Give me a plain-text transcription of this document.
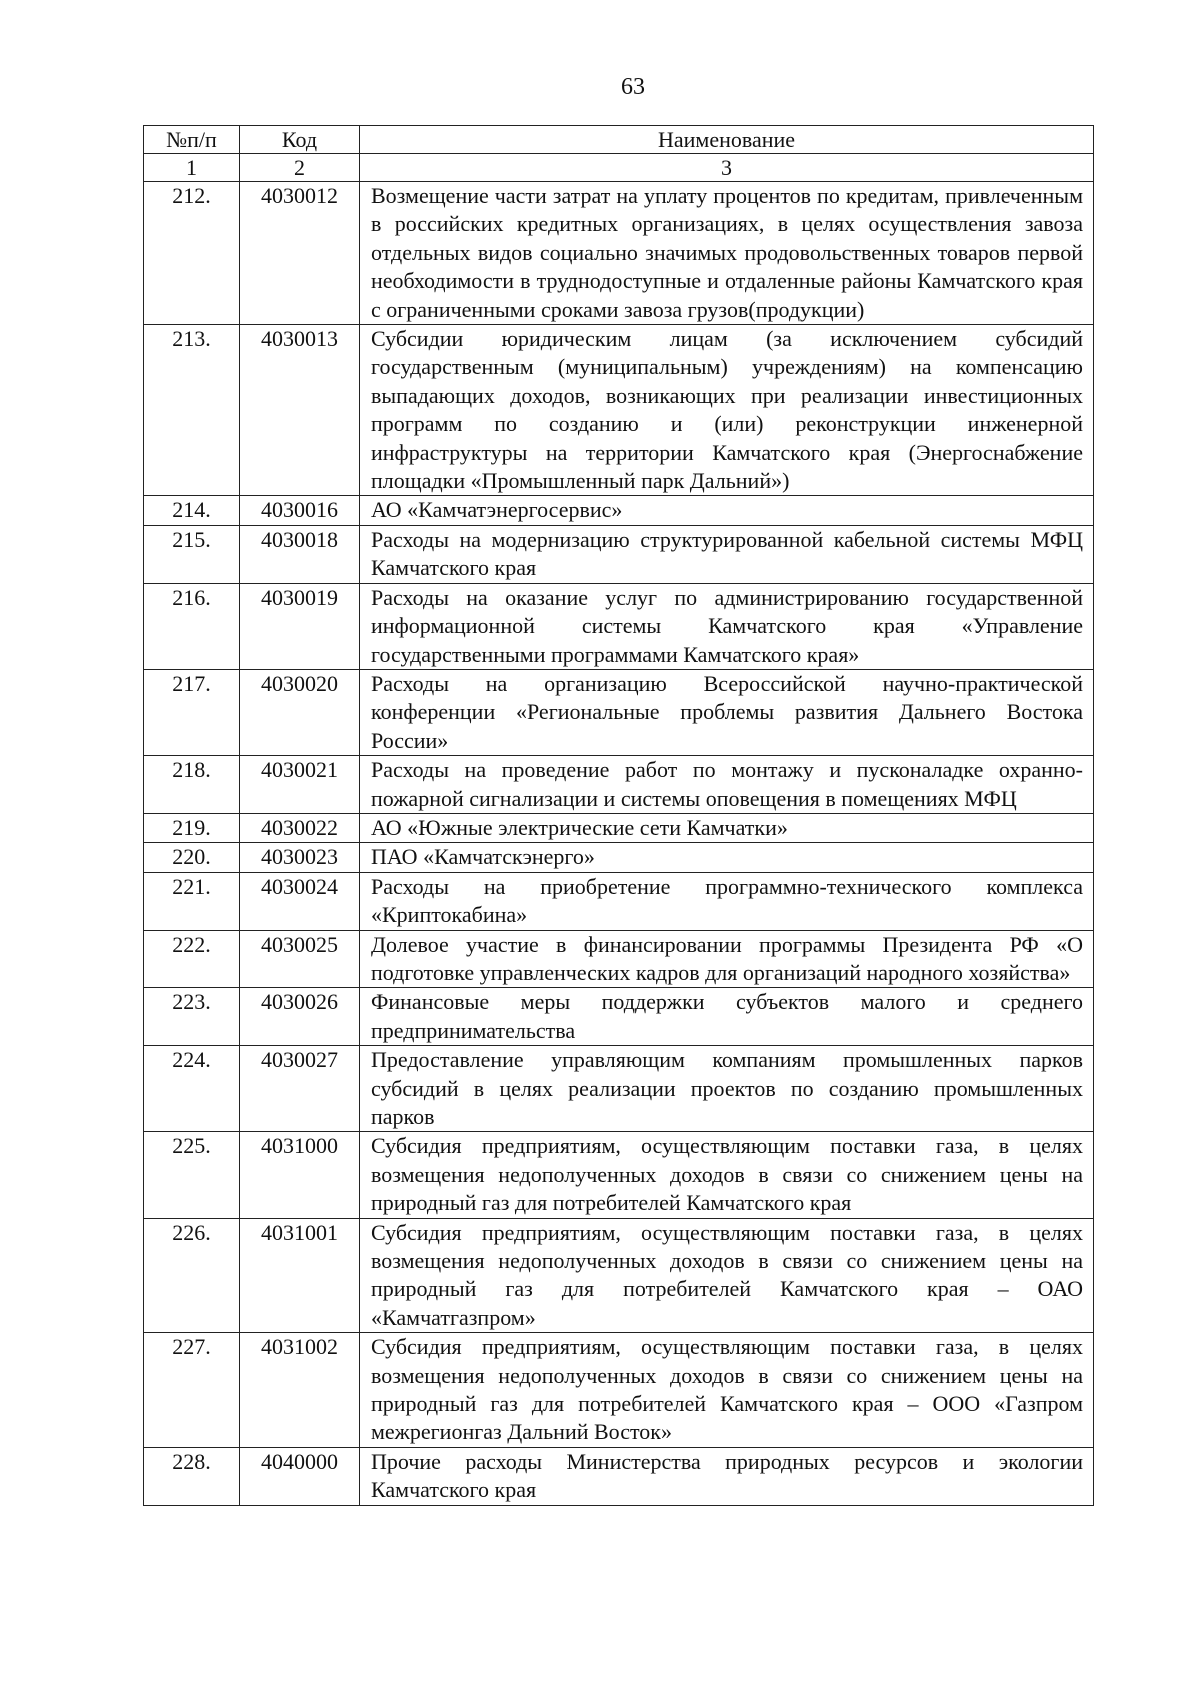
63
№п/п	Код	Наименование
1	2	3
212.	4030012	Возмещение части затрат на уплату процентов по кредитам, привлеченным в российских кредитных организациях, в целях осуществления завоза отдельных видов социально значимых продовольственных товаров первой необходимости в труднодоступные и отдаленные районы Камчатского края с ограниченными сроками завоза грузов(продукции)
213.	4030013	Субсидии юридическим лицам (за исключением субсидий государственным (муниципальным) учреждениям) на компенсацию выпадающих доходов, возникающих при реализации инвестиционных программ по созданию и (или) реконструкции инженерной инфраструктуры на территории Камчатского края (Энергоснабжение площадки «Промышленный парк Дальний»)
214.	4030016	АО «Камчатэнергосервис»
215.	4030018	Расходы на модернизацию структурированной кабельной системы МФЦ Камчатского края
216.	4030019	Расходы на оказание услуг по администрированию государственной информационной системы Камчатского края «Управление государственными программами Камчатского края»
217.	4030020	Расходы на организацию Всероссийской научно-практической конференции «Региональные проблемы развития Дальнего Востока России»
218.	4030021	Расходы на проведение работ по монтажу и пусконаладке охранно-пожарной сигнализации и системы оповещения в помещениях МФЦ
219.	4030022	АО «Южные электрические сети Камчатки»
220.	4030023	ПАО «Камчатскэнерго»
221.	4030024	Расходы на приобретение программно-технического комплекса «Криптокабина»
222.	4030025	Долевое участие в финансировании программы Президента РФ «О подготовке управленческих кадров для организаций народного хозяйства»
223.	4030026	Финансовые меры поддержки субъектов малого и среднего предпринимательства
224.	4030027	Предоставление управляющим компаниям промышленных парков субсидий в целях реализации проектов по созданию промышленных парков
225.	4031000	Субсидия предприятиям, осуществляющим поставки газа, в целях возмещения недополученных доходов в связи со снижением цены на природный газ для потребителей Камчатского края
226.	4031001	Субсидия предприятиям, осуществляющим поставки газа, в целях возмещения недополученных доходов в связи со снижением цены на природный газ для потребителей Камчатского края – ОАО «Камчатгазпром»
227.	4031002	Субсидия предприятиям, осуществляющим поставки газа, в целях возмещения недополученных доходов в связи со снижением цены на природный газ для потребителей Камчатского края – ООО «Газпром межрегионгаз Дальний Восток»
228.	4040000	Прочие расходы Министерства природных ресурсов и экологии Камчатского края
